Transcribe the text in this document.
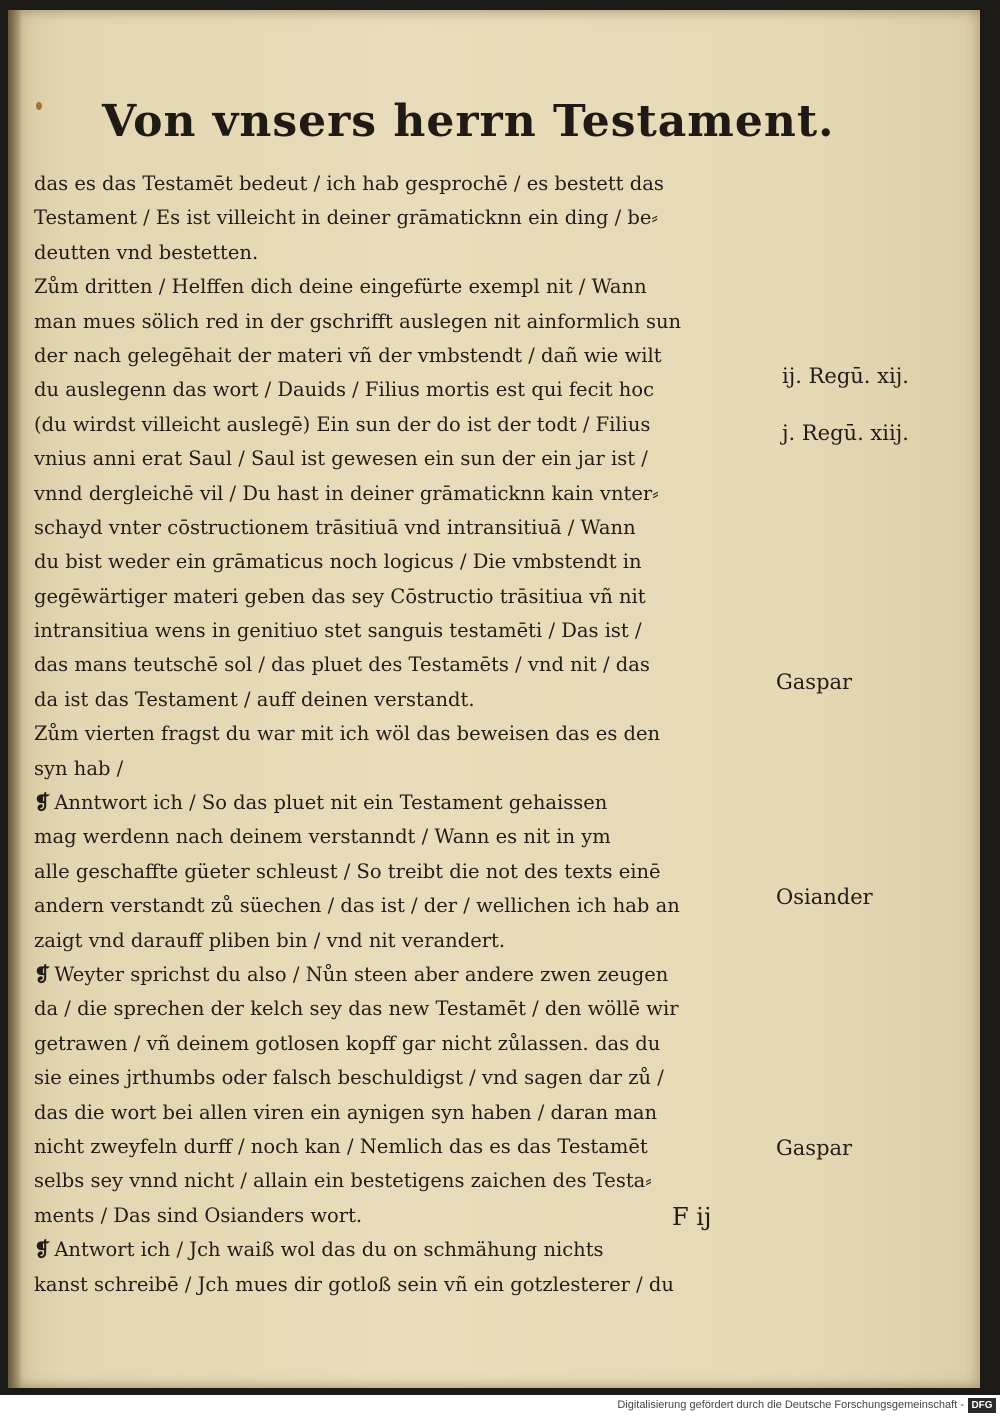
Von vnsers herrn Testament.
das es das Testamēt bedeut / ich hab gesprochē / es bestett das
Testament / Es ist villeicht in deiner grāmaticknn ein ding / be⸗
deutten vnd bestetten.
Zům dritten / Helffen dich deine eingefürte exempl nit / Wann
man mues sölich red in der gschrifft auslegen nit ainformlich sun
der nach gelegēhait der materi vñ der vmbstendt / dañ wie wilt
du auslegenn das wort / Dauids / Filius mortis est qui fecit hoc
(du wirdst villeicht auslegē) Ein sun der do ist der todt / Filius
vnius anni erat Saul / Saul ist gewesen ein sun der ein jar ist /
vnnd dergleichē vil / Du hast in deiner grāmaticknn kain vnter⸗
schayd vnter cōstructionem trāsitiuā vnd intransitiuā / Wann
du bist weder ein grāmaticus noch logicus / Die vmbstendt in
gegēwärtiger materi geben das sey Cōstructio trāsitiua vñ nit
intransitiua wens in genitiuo stet sanguis testamēti / Das ist /
das mans teutschē sol / das pluet des Testamēts / vnd nit / das
da ist das Testament / auff deinen verstandt.
Zům vierten fragst du war mit ich wöl das beweisen das es den
syn hab /
❡ Anntwort ich / So das pluet nit ein Testament gehaissen
mag werdenn nach deinem verstanndt / Wann es nit in ym
alle geschaffte güeter schleust / So treibt die not des texts einē
andern verstandt zů süechen / das ist / der / wellichen ich hab an
zaigt vnd darauff pliben bin / vnd nit verandert.
❡ Weyter sprichst du also / Nůn steen aber andere zwen zeugen
da / die sprechen der kelch sey das new Testamēt / den wöllē wir
getrawen / vñ deinem gotlosen kopff gar nicht zůlassen. das du
sie eines jrthumbs oder falsch beschuldigst / vnd sagen dar zů /
das die wort bei allen viren ein aynigen syn haben / daran man
nicht zweyfeln durff / noch kan / Nemlich das es das Testamēt
selbs sey vnnd nicht / allain ein bestetigens zaichen des Testa⸗
ments / Das sind Osianders wort.
❡ Antwort ich / Jch waiß wol das du on schmähung nichts
kanst schreibē / Jch mues dir gotloß sein vñ ein gotzlesterer / du
ij. Regū. xij.
j. Regū. xiij.
Gaspar
Osiander
Gaspar
F ij
Digitalisierung gefördert durch die Deutsche Forschungsgemeinschaft - DFG
